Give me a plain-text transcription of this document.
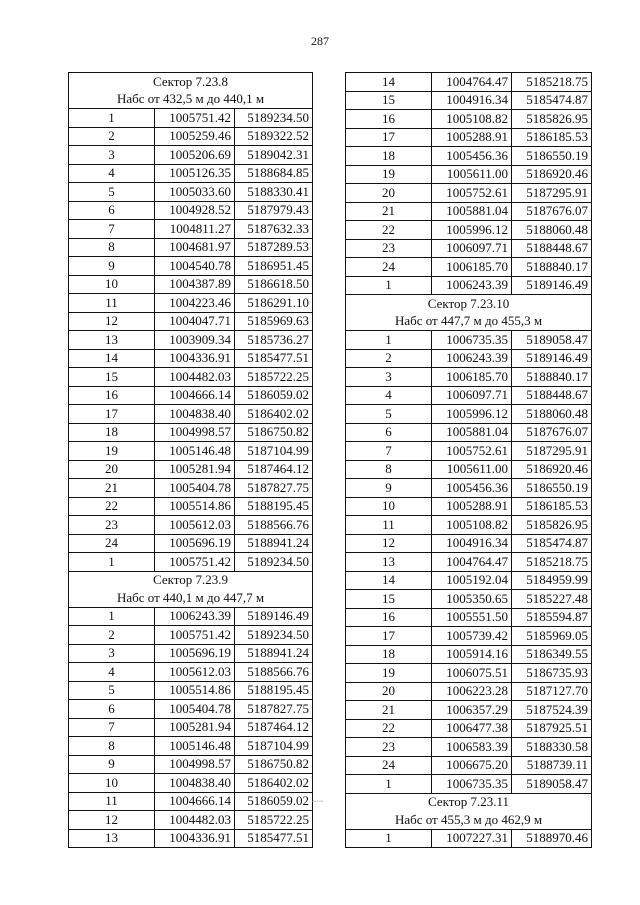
287
Сектор 7.23.8		
Набс от 432,5 м до 440,1 м		
1	1005751.42	5189234.50
2	1005259.46	5189322.52
3	1005206.69	5189042.31
4	1005126.35	5188684.85
5	1005033.60	5188330.41
6	1004928.52	5187979.43
7	1004811.27	5187632.33
8	1004681.97	5187289.53
9	1004540.78	5186951.45
10	1004387.89	5186618.50
11	1004223.46	5186291.10
12	1004047.71	5185969.63
13	1003909.34	5185736.27
14	1004336.91	5185477.51
15	1004482.03	5185722.25
16	1004666.14	5186059.02
17	1004838.40	5186402.02
18	1004998.57	5186750.82
19	1005146.48	5187104.99
20	1005281.94	5187464.12
21	1005404.78	5187827.75
22	1005514.86	5188195.45
23	1005612.03	5188566.76
24	1005696.19	5188941.24
1	1005751.42	5189234.50
Сектор 7.23.9		
Набс от 440,1 м до 447,7 м		
1	1006243.39	5189146.49
2	1005751.42	5189234.50
3	1005696.19	5188941.24
4	1005612.03	5188566.76
5	1005514.86	5188195.45
6	1005404.78	5187827.75
7	1005281.94	5187464.12
8	1005146.48	5187104.99
9	1004998.57	5186750.82
10	1004838.40	5186402.02
11	1004666.14	5186059.02
12	1004482.03	5185722.25
13	1004336.91	5185477.51
14	1004764.47	5185218.75
15	1004916.34	5185474.87
16	1005108.82	5185826.95
17	1005288.91	5186185.53
18	1005456.36	5186550.19
19	1005611.00	5186920.46
20	1005752.61	5187295.91
21	1005881.04	5187676.07
22	1005996.12	5188060.48
23	1006097.71	5188448.67
24	1006185.70	5188840.17
1	1006243.39	5189146.49
Сектор 7.23.10		
Набс от 447,7 м до 455,3 м		
1	1006735.35	5189058.47
2	1006243.39	5189146.49
3	1006185.70	5188840.17
4	1006097.71	5188448.67
5	1005996.12	5188060.48
6	1005881.04	5187676.07
7	1005752.61	5187295.91
8	1005611.00	5186920.46
9	1005456.36	5186550.19
10	1005288.91	5186185.53
11	1005108.82	5185826.95
12	1004916.34	5185474.87
13	1004764.47	5185218.75
14	1005192.04	5184959.99
15	1005350.65	5185227.48
16	1005551.50	5185594.87
17	1005739.42	5185969.05
18	1005914.16	5186349.55
19	1006075.51	5186735.93
20	1006223.28	5187127.70
21	1006357.29	5187524.39
22	1006477.38	5187925.51
23	1006583.39	5188330.58
24	1006675.20	5188739.11
1	1006735.35	5189058.47
Сектор 7.23.11		
Набс от 455,3 м до 462,9 м		
1	1007227.31	5188970.46
~·~
